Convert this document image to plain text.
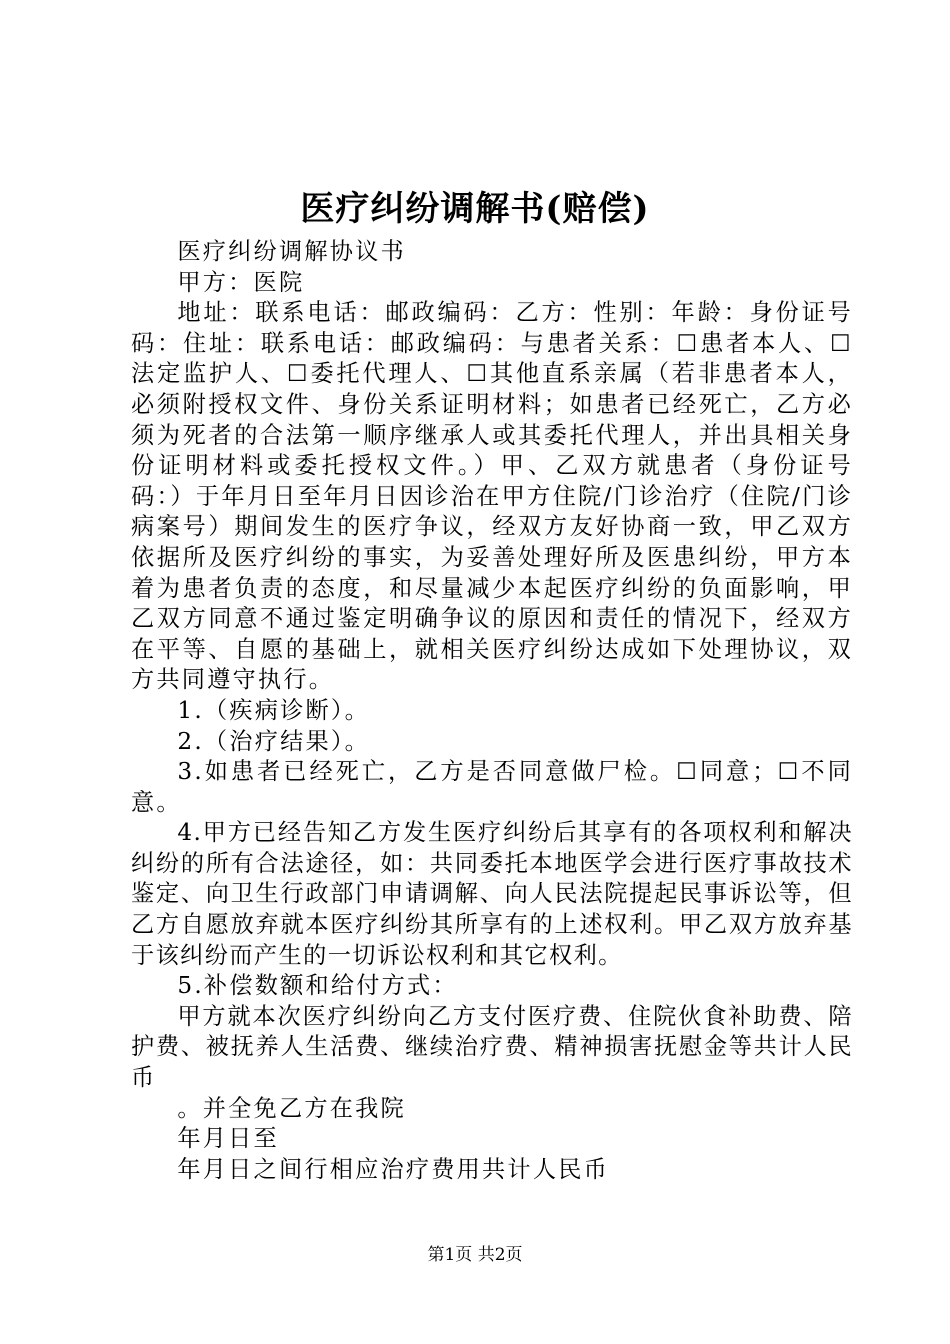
医疗纠纷调解书(赔偿)

医疗纠纷调解协议书

甲方：医院

地址：联系电话：邮政编码：乙方：性别：年龄：身份证号码：住址：联系电话：邮政编码：与患者关系：☐患者本人、☐法定监护人、☐委托代理人、☐其他直系亲属（若非患者本人，必须附授权文件、身份关系证明材料；如患者已经死亡，乙方必须为死者的合法第一顺序继承人或其委托代理人，并出具相关身份证明材料或委托授权文件。）甲、乙双方就患者（身份证号码：）于年月日至年月日因诊治在甲方住院/门诊治疗（住院/门诊病案号）期间发生的医疗争议，经双方友好协商一致，甲乙双方依据所及医疗纠纷的事实，为妥善处理好所及医患纠纷，甲方本着为患者负责的态度，和尽量减少本起医疗纠纷的负面影响，甲乙双方同意不通过鉴定明确争议的原因和责任的情况下，经双方在平等、自愿的基础上，就相关医疗纠纷达成如下处理协议，双方共同遵守执行。

1.（疾病诊断）。

2.（治疗结果）。

3.如患者已经死亡，乙方是否同意做尸检。☐同意；☐不同意。

4.甲方已经告知乙方发生医疗纠纷后其享有的各项权利和解决纠纷的所有合法途径，如：共同委托本地医学会进行医疗事故技术鉴定、向卫生行政部门申请调解、向人民法院提起民事诉讼等，但乙方自愿放弃就本医疗纠纷其所享有的上述权利。甲乙双方放弃基于该纠纷而产生的一切诉讼权利和其它权利。

5.补偿数额和给付方式：

甲方就本次医疗纠纷向乙方支付医疗费、住院伙食补助费、陪护费、被抚养人生活费、继续治疗费、精神损害抚慰金等共计人民币

。并全免乙方在我院

年月日至

年月日之间行相应治疗费用共计人民币

第1页 共2页
